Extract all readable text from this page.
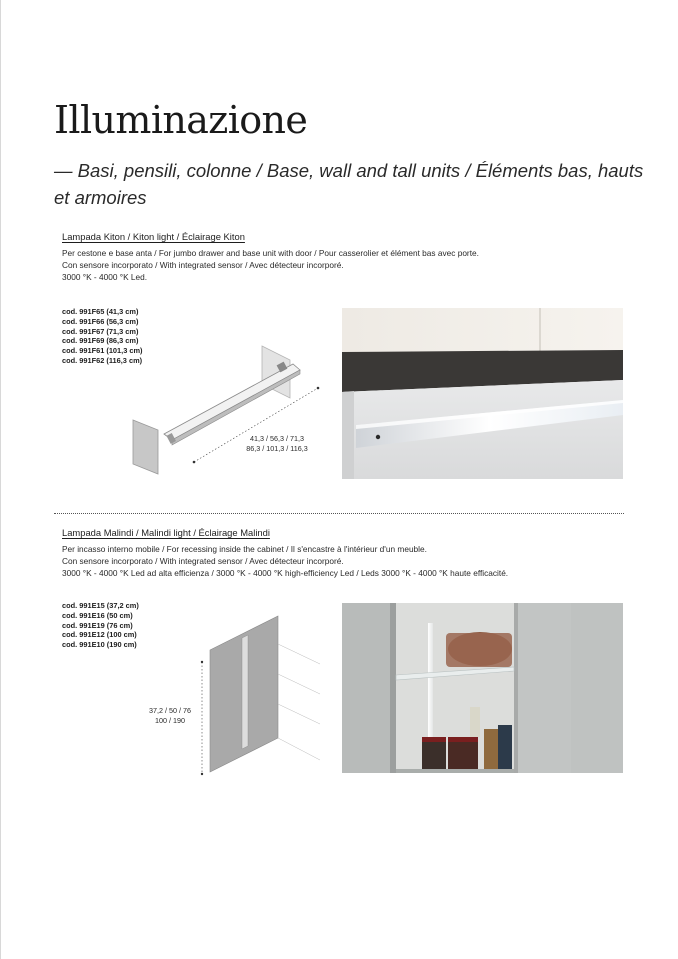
Illuminazione

— Basi, pensili, colonne / Base, wall and tall units / Éléments bas, hauts et armoires

Lampada Kiton / Kiton light / Éclairage Kiton
Per cestone e base anta / For jumbo drawer and base unit with door / Pour casserolier et élément bas avec porte.
Con sensore incorporato / With integrated sensor / Avec détecteur incorporé.
3000 °K - 4000 °K Led.
cod. 991F65 (41,3 cm)
cod. 991F66 (56,3 cm)
cod. 991F67 (71,3 cm)
cod. 991F69 (86,3 cm)
cod. 991F61 (101,3 cm)
cod. 991F62 (116,3 cm)
41,3 / 56,3 / 71,3
86,3 / 101,3 / 116,3
Lampada Malindi / Malindi light / Éclairage Malindi
Per incasso interno mobile / For recessing inside the cabinet / Il s'encastre à l'intérieur d'un meuble.
Con sensore incorporato / With integrated sensor / Avec détecteur incorporé.
3000 °K - 4000 °K Led ad alta efficienza / 3000 °K - 4000 °K high-efficiency Led / Leds 3000 °K - 4000 °K haute efficacité.
cod. 991E15 (37,2 cm)
cod. 991E16 (50 cm)
cod. 991E19 (76 cm)
cod. 991E12 (100 cm)
cod. 991E10 (190 cm)
37,2 / 50 / 76
100 / 190
